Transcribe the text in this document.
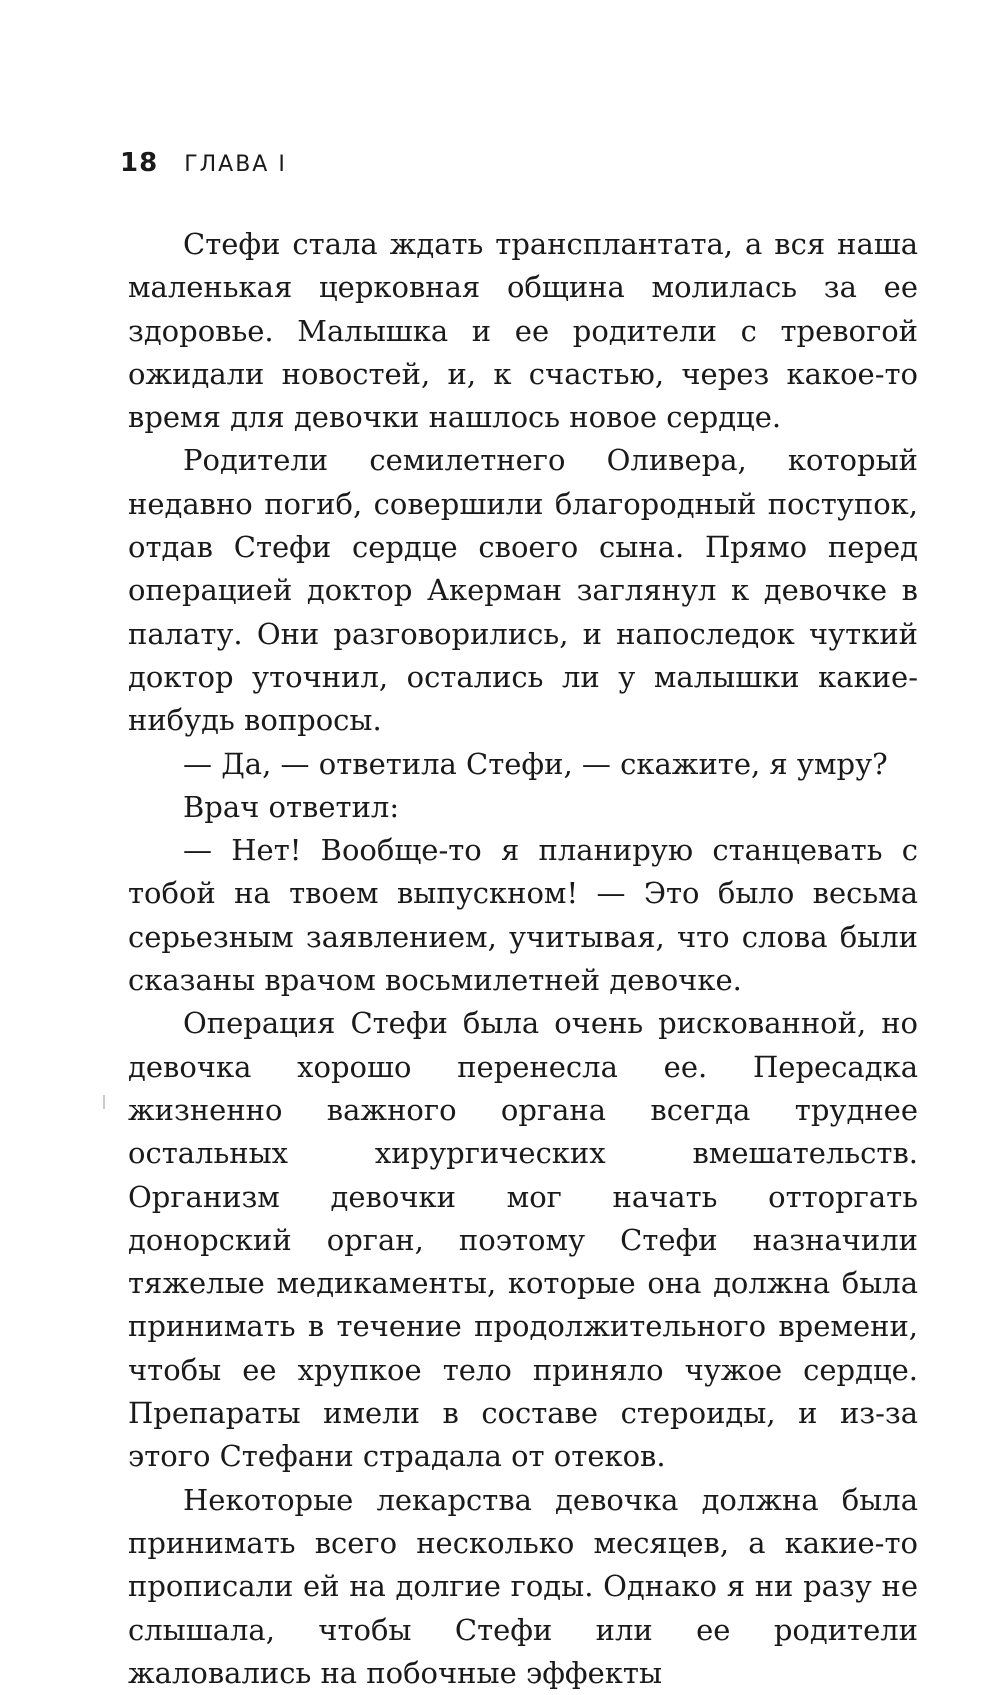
18 ГЛАВА I

Стефи стала ждать трансплантата, а вся наша маленькая церковная община молилась за ее здоровье. Малышка и ее родители с тревогой ожидали новостей, и, к счастью, через какое-то время для девочки нашлось новое сердце.

Родители семилетнего Оливера, который недавно погиб, совершили благородный поступок, отдав Стефи сердце своего сына. Прямо перед операцией доктор Акерман заглянул к девочке в палату. Они разговорились, и напоследок чуткий доктор уточнил, остались ли у малышки какие-нибудь вопросы.

— Да, — ответила Стефи, — скажите, я умру?

Врач ответил:

— Нет! Вообще-то я планирую станцевать с тобой на твоем выпускном! — Это было весьма серьезным заявлением, учитывая, что слова были сказаны врачом восьмилетней девочке.

Операция Стефи была очень рискованной, но девочка хорошо перенесла ее. Пересадка жизненно важного органа всегда труднее остальных хирургических вмешательств. Организм девочки мог начать отторгать донорский орган, поэтому Стефи назначили тяжелые медикаменты, которые она должна была принимать в течение продолжительного времени, чтобы ее хрупкое тело приняло чужое сердце. Препараты имели в составе стероиды, и из-за этого Стефани страдала от отеков.

Некоторые лекарства девочка должна была принимать всего несколько месяцев, а какие-то прописали ей на долгие годы. Однако я ни разу не слышала, чтобы Стефи или ее родители жаловались на побочные эффекты
